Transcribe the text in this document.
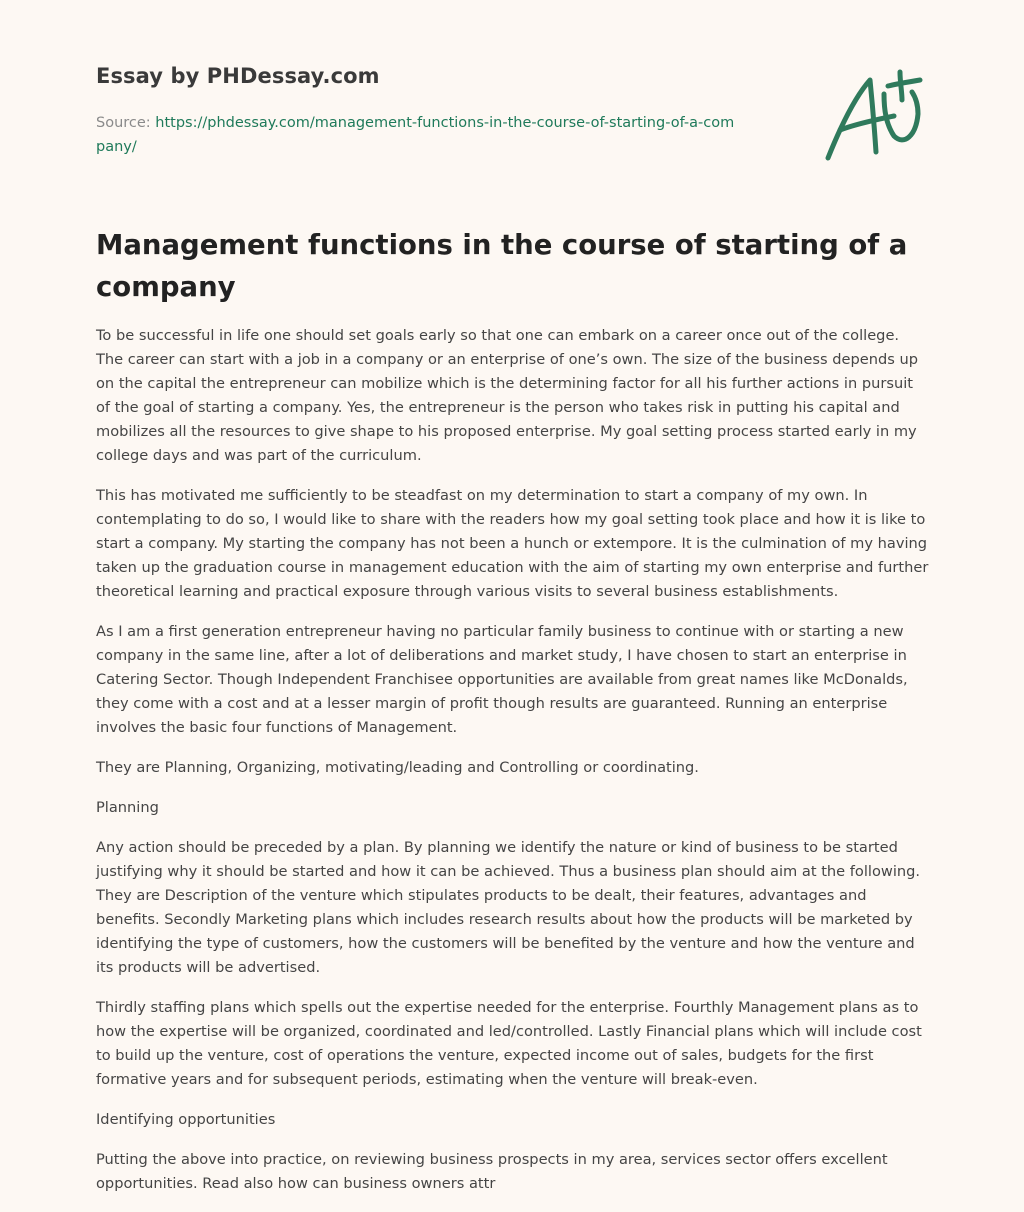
Essay by PHDessay.com
Source: https://phdessay.com/management-functions-in-the-course-of-starting-of-a-company/
Management functions in the course of starting of a company

To be successful in life one should set goals early so that one can embark on a career once out of the college. The career can start with a job in a company or an enterprise of one’s own. The size of the business depends up on the capital the entrepreneur can mobilize which is the determining factor for all his further actions in pursuit of the goal of starting a company. Yes, the entrepreneur is the person who takes risk in putting his capital and mobilizes all the resources to give shape to his proposed enterprise. My goal setting process started early in my college days and was part of the curriculum.

This has motivated me sufficiently to be steadfast on my determination to start a company of my own. In contemplating to do so, I would like to share with the readers how my goal setting took place and how it is like to start a company. My starting the company has not been a hunch or extempore. It is the culmination of my having taken up the graduation course in management education with the aim of starting my own enterprise and further theoretical learning and practical exposure through various visits to several business establishments.

As I am a first generation entrepreneur having no particular family business to continue with or starting a new company in the same line, after a lot of deliberations and market study, I have chosen to start an enterprise in Catering Sector. Though Independent Franchisee opportunities are available from great names like McDonalds, they come with a cost and at a lesser margin of profit though results are guaranteed. Running an enterprise involves the basic four functions of Management.

They are Planning, Organizing, motivating/leading and Controlling or coordinating.

Planning

Any action should be preceded by a plan. By planning we identify the nature or kind of business to be started justifying why it should be started and how it can be achieved. Thus a business plan should aim at the following. They are Description of the venture which stipulates products to be dealt, their features, advantages and benefits. Secondly Marketing plans which includes research results about how the products will be marketed by identifying the type of customers, how the customers will be benefited by the venture and how the venture and its products will be advertised.

Thirdly staffing plans which spells out the expertise needed for the enterprise. Fourthly Management plans as to how the expertise will be organized, coordinated and led/controlled. Lastly Financial plans which will include cost to build up the venture, cost of operations the venture, expected income out of sales, budgets for the first formative years and for subsequent periods, estimating when the venture will break-even.

Identifying opportunities

Putting the above into practice, on reviewing business prospects in my area, services sector offers excellent opportunities. Read also how can business owners attr
